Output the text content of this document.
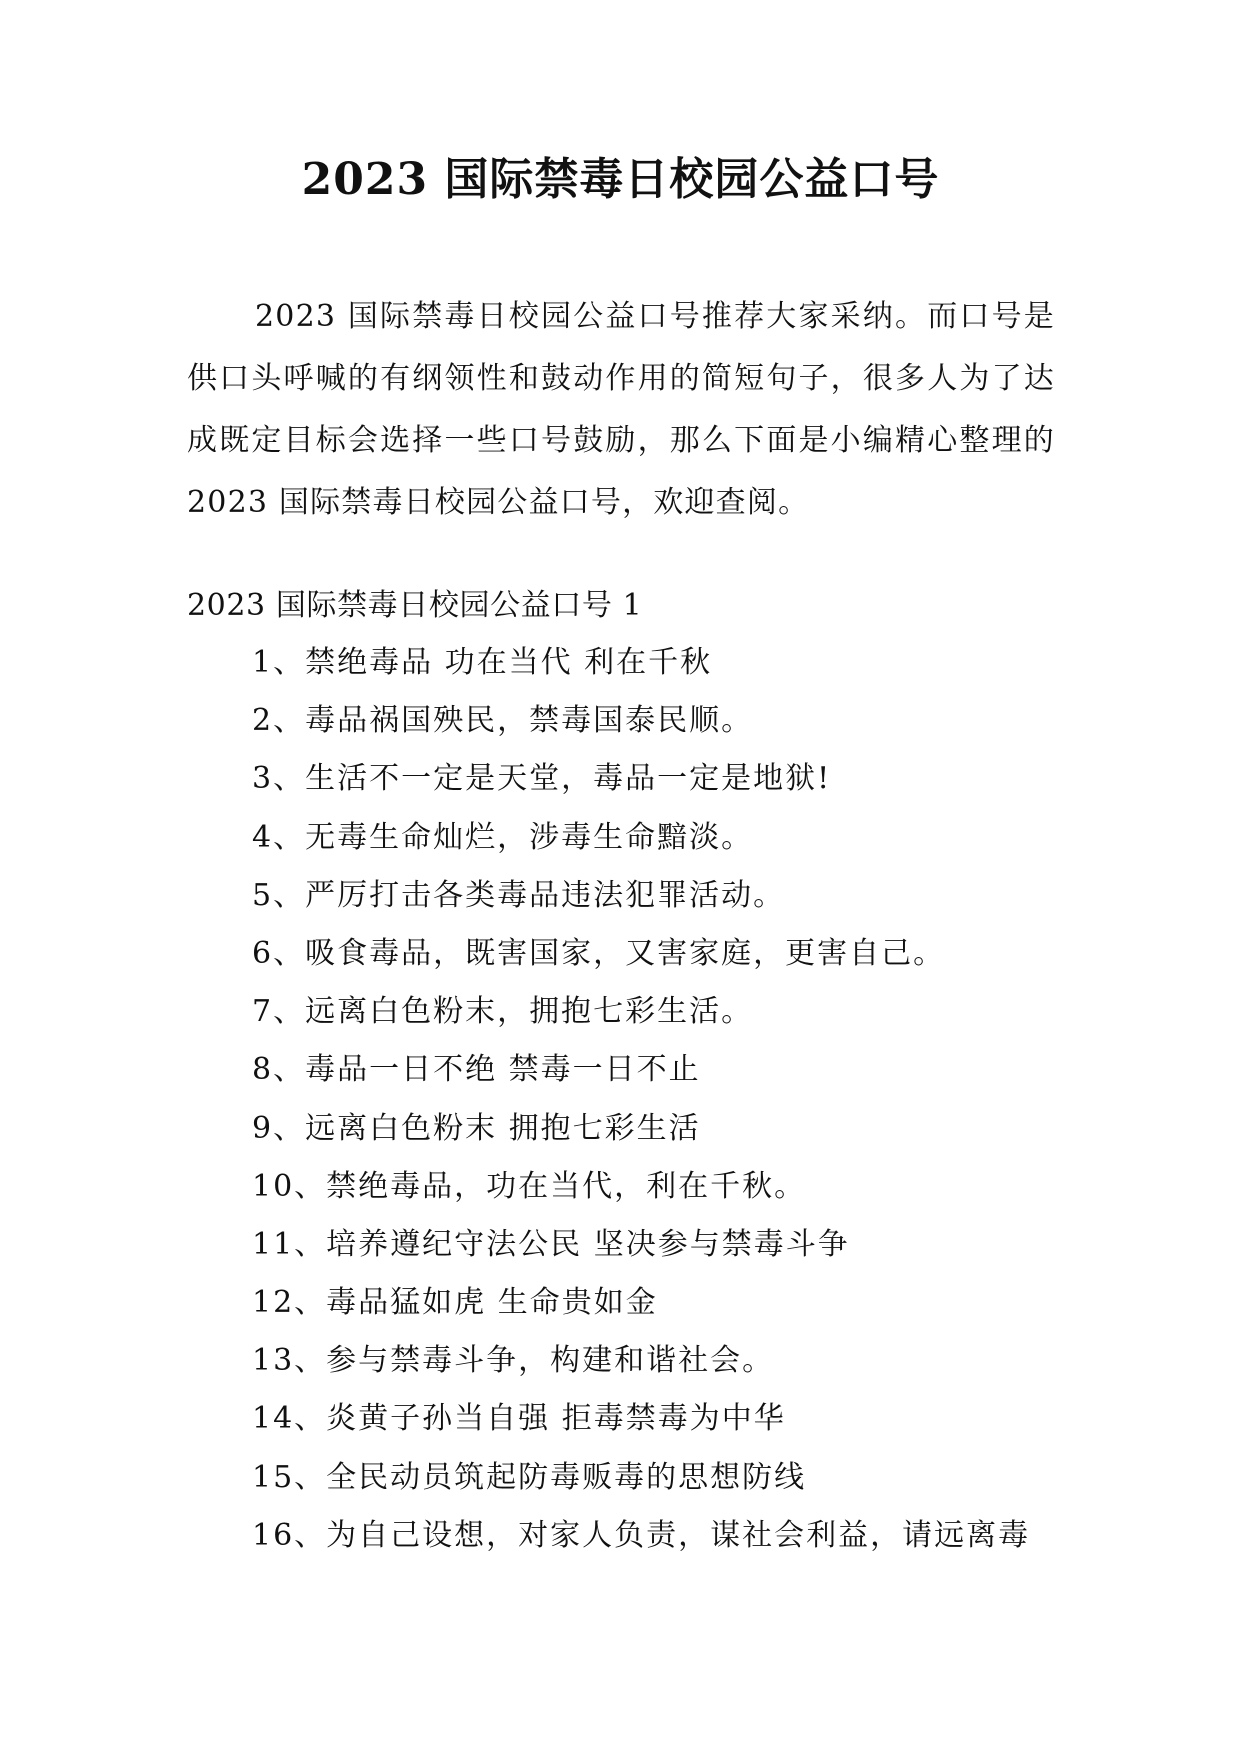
2023 国际禁毒日校园公益口号

2023 国际禁毒日校园公益口号推荐大家采纳。而口号是供口头呼喊的有纲领性和鼓动作用的简短句子，很多人为了达成既定目标会选择一些口号鼓励，那么下面是小编精心整理的 2023 国际禁毒日校园公益口号，欢迎查阅。

2023 国际禁毒日校园公益口号 1

1、禁绝毒品 功在当代 利在千秋
2、毒品祸国殃民，禁毒国泰民顺。
3、生活不一定是天堂，毒品一定是地狱!
4、无毒生命灿烂，涉毒生命黯淡。
5、严厉打击各类毒品违法犯罪活动。
6、吸食毒品，既害国家，又害家庭，更害自己。
7、远离白色粉末，拥抱七彩生活。
8、毒品一日不绝 禁毒一日不止
9、远离白色粉末 拥抱七彩生活
10、禁绝毒品，功在当代，利在千秋。
11、培养遵纪守法公民 坚决参与禁毒斗争
12、毒品猛如虎 生命贵如金
13、参与禁毒斗争，构建和谐社会。
14、炎黄子孙当自强 拒毒禁毒为中华
15、全民动员筑起防毒贩毒的思想防线
16、为自己设想，对家人负责，谋社会利益，请远离毒
